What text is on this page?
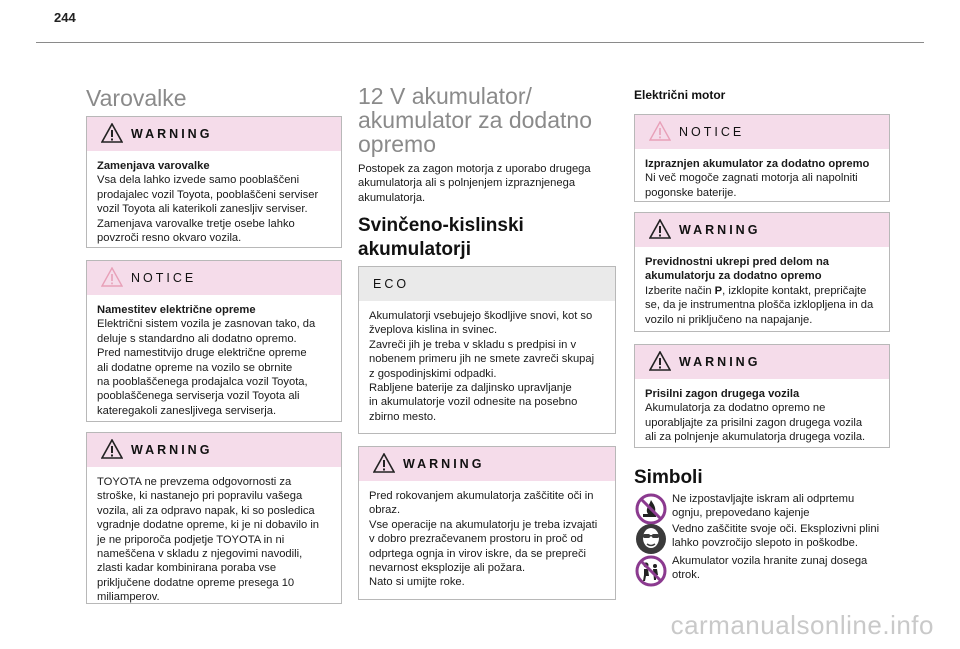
244
Varovalke
WARNING
Zamenjava varovalke
Vsa dela lahko izvede samo pooblaščeni
prodajalec vozil Toyota, pooblaščeni serviser
vozil Toyota ali katerikoli zanesljiv serviser.
Zamenjava varovalke tretje osebe lahko
povzroči resno okvaro vozila.
NOTICE
Namestitev električne opreme
Električni sistem vozila je zasnovan tako, da
deluje s standardno ali dodatno opremo.
Pred namestitvijo druge električne opreme
ali dodatne opreme na vozilo se obrnite
na pooblaščenega prodajalca vozil Toyota,
pooblaščenega serviserja vozil Toyota ali
kateregakoli zanesljivega serviserja.
WARNING
TOYOTA ne prevzema odgovornosti za
stroške, ki nastanejo pri popravilu vašega
vozila, ali za odpravo napak, ki so posledica
vgradnje dodatne opreme, ki je ni dobavilo in
je ne priporoča podjetje TOYOTA in ni
nameščena v skladu z njegovimi navodili,
zlasti kadar kombinirana poraba vse
priključene dodatne opreme presega 10
miliamperov.
12 V akumulator/
akumulator za dodatno
opremo
Postopek za zagon motorja z uporabo drugega
akumulatorja ali s polnjenjem izpraznjenega
akumulatorja.
Svinčeno-kislinski
akumulatorji
ECO
Akumulatorji vsebujejo škodljive snovi, kot so
žveplova kislina in svinec.
Zavreči jih je treba v skladu s predpisi in v
nobenem primeru jih ne smete zavreči skupaj
z gospodinjskimi odpadki.
Rabljene baterije za daljinsko upravljanje
in akumulatorje vozil odnesite na posebno
zbirno mesto.
WARNING
Pred rokovanjem akumulatorja zaščitite oči in
obraz.
Vse operacije na akumulatorju je treba izvajati
v dobro prezračevanem prostoru in proč od
odprtega ognja in virov iskre, da se prepreči
nevarnost eksplozije ali požara.
Nato si umijte roke.
Električni motor
NOTICE
Izpraznjen akumulator za dodatno opremo
Ni več mogoče zagnati motorja ali napolniti
pogonske baterije.
WARNING
Previdnostni ukrepi pred delom na
akumulatorju za dodatno opremo
Izberite način P, izklopite kontakt, prepričajte
se, da je instrumentna plošča izklopljena in da
vozilo ni priključeno na napajanje.
WARNING
Prisilni zagon drugega vozila
Akumulatorja za dodatno opremo ne
uporabljajte za prisilni zagon drugega vozila
ali za polnjenje akumulatorja drugega vozila.
Simboli
Ne izpostavljajte iskram ali odprtemu
ognju, prepovedano kajenje
Vedno zaščitite svoje oči. Eksplozivni plini
lahko povzročijo slepoto in poškodbe.
Akumulator vozila hranite zunaj dosega
otrok.
carmanualsonline.info
